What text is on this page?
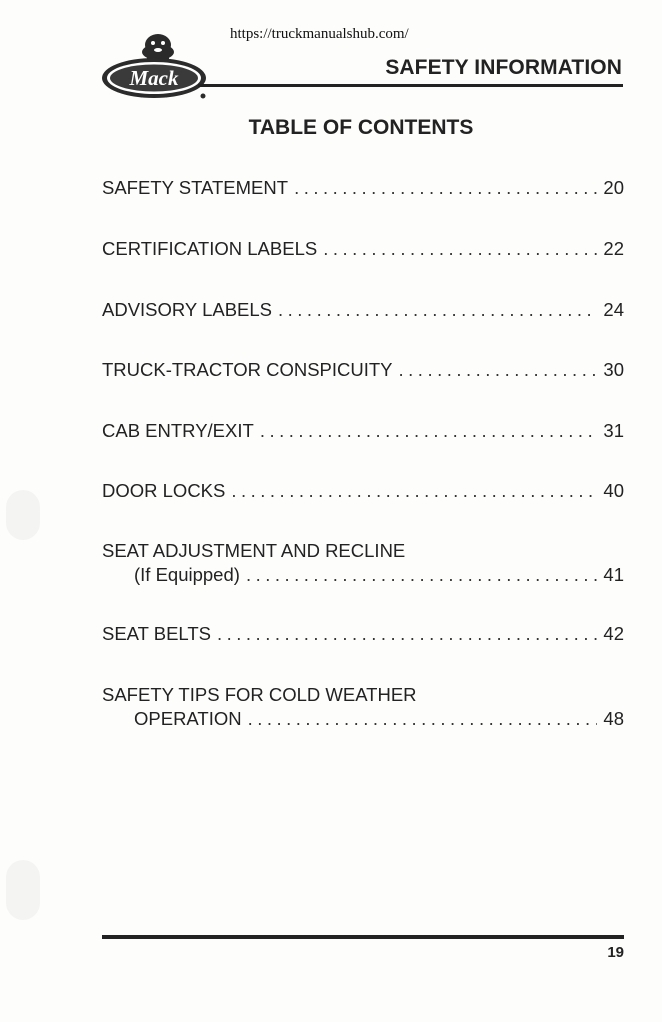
https://truckmanualshub.com/
Mack	SAFETY INFORMATION
TABLE OF CONTENTS
SAFETY STATEMENT .....	20
CERTIFICATION LABELS .....	22
ADVISORY LABELS .....	24
TRUCK-TRACTOR CONSPICUITY .....	30
CAB ENTRY/EXIT .....	31
DOOR LOCKS .....	40
SEAT ADJUSTMENT AND RECLINE
(If Equipped) .....	41
SEAT BELTS .....	42
SAFETY TIPS FOR COLD WEATHER
OPERATION .....	48
19
